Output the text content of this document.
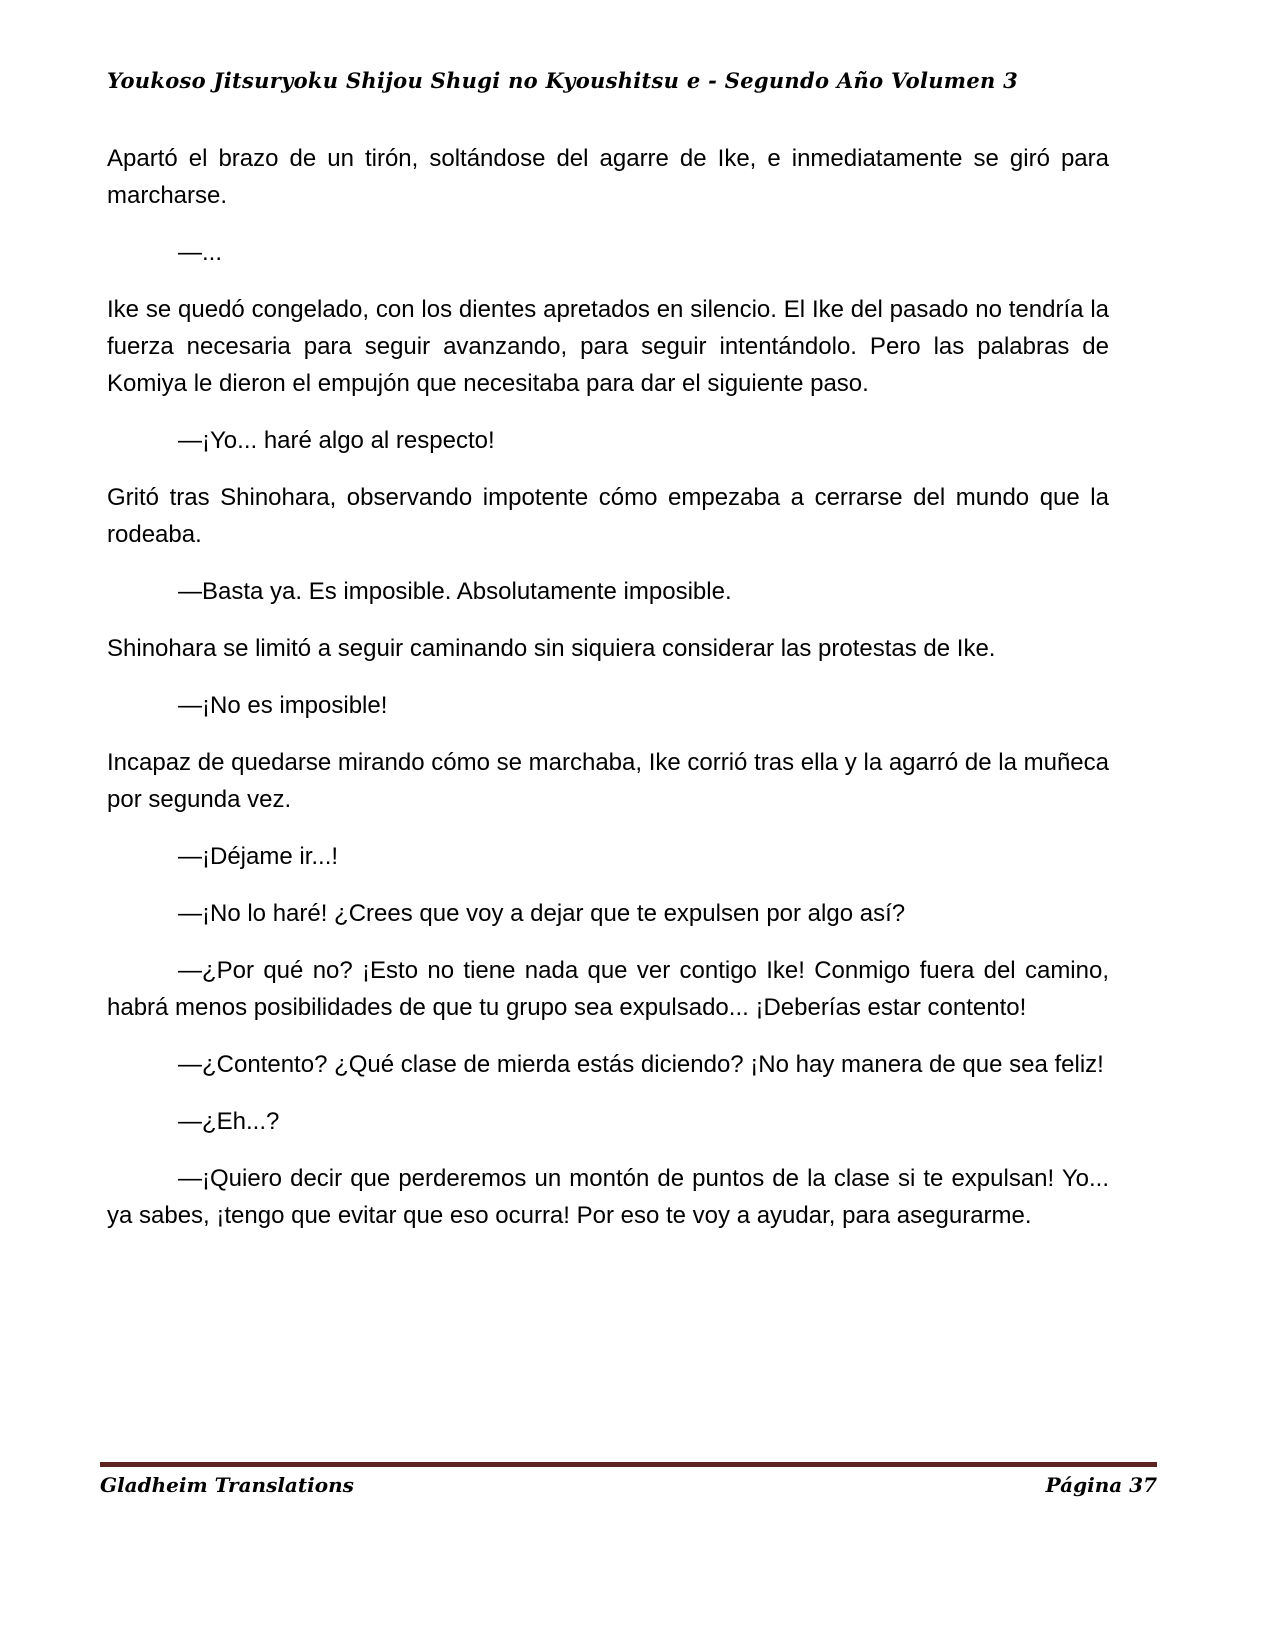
Youkoso Jitsuryoku Shijou Shugi no Kyoushitsu e - Segundo Año Volumen 3

Apartó el brazo de un tirón, soltándose del agarre de Ike, e inmediatamente se giró para marcharse.

—...

Ike se quedó congelado, con los dientes apretados en silencio. El Ike del pasado no tendría la fuerza necesaria para seguir avanzando, para seguir intentándolo. Pero las palabras de Komiya le dieron el empujón que necesitaba para dar el siguiente paso.

—¡Yo... haré algo al respecto!

Gritó tras Shinohara, observando impotente cómo empezaba a cerrarse del mundo que la rodeaba.

—Basta ya. Es imposible. Absolutamente imposible.

Shinohara se limitó a seguir caminando sin siquiera considerar las protestas de Ike.

—¡No es imposible!

Incapaz de quedarse mirando cómo se marchaba, Ike corrió tras ella y la agarró de la muñeca por segunda vez.

—¡Déjame ir...!

—¡No lo haré! ¿Crees que voy a dejar que te expulsen por algo así?

—¿Por qué no? ¡Esto no tiene nada que ver contigo Ike! Conmigo fuera del camino, habrá menos posibilidades de que tu grupo sea expulsado... ¡Deberías estar contento!

—¿Contento? ¿Qué clase de mierda estás diciendo? ¡No hay manera de que sea feliz!

—¿Eh...?

—¡Quiero decir que perderemos un montón de puntos de la clase si te expulsan! Yo... ya sabes, ¡tengo que evitar que eso ocurra! Por eso te voy a ayudar, para asegurarme.

Gladheim Translations	Página 37
